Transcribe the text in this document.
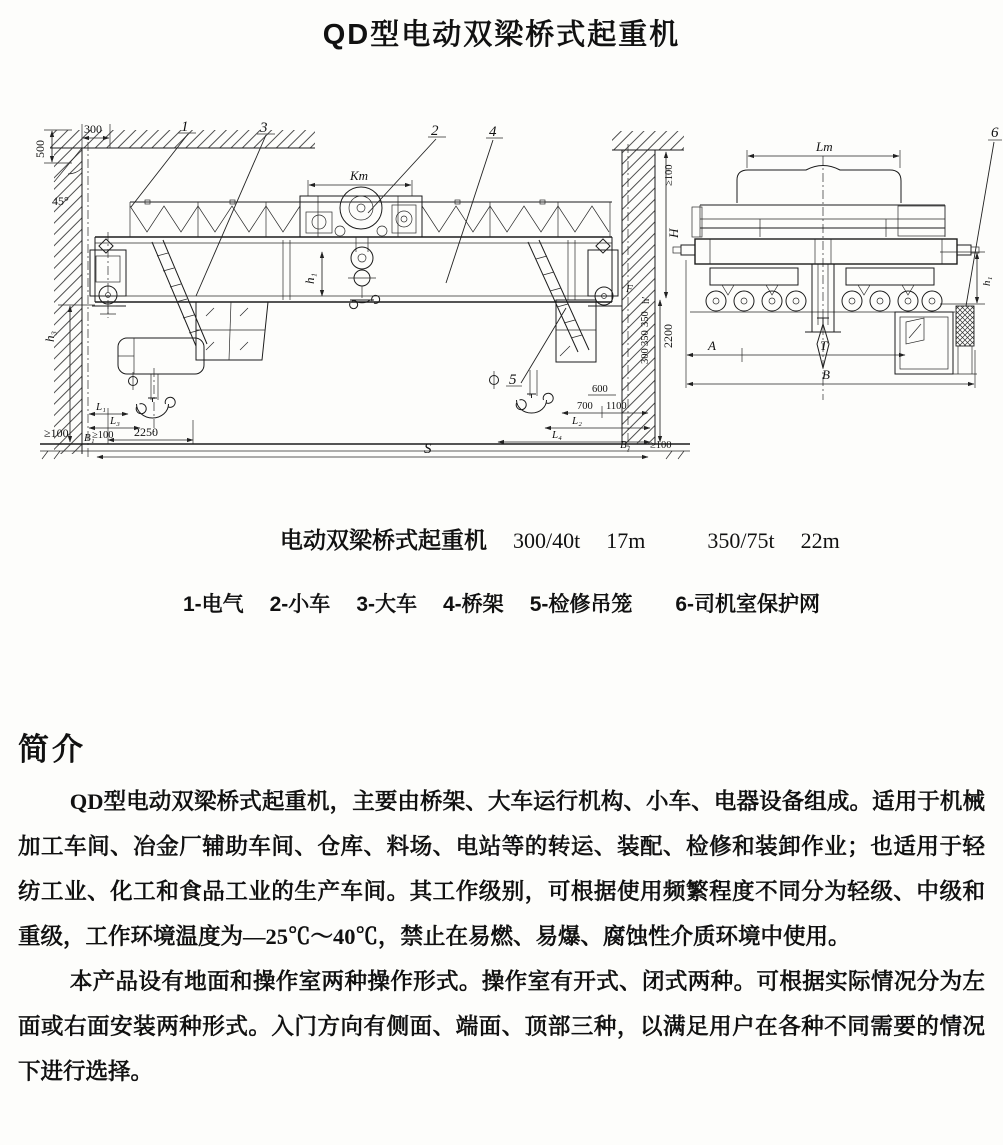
QD型电动双梁桥式起重机
500
300
45°
Kт
h₁
1	3	2	4
L₁
L₃
≥100 2250
≥100 B₁
h₃
S
5
≥100
H
F
h′
350
350
300
2200
600
700 1100
L₂
L₄
B₁ ≥100
Lт
6
h₁
A	T
B
电动双梁桥式起重机 300/40t 17m	350/75t 22m
1-电气 2-小车 3-大车 4-桥架 5-检修吊笼 6-司机室保护网
简介

QD型电动双梁桥式起重机，主要由桥架、大车运行机构、小车、电器设备组成。适用于机械加工车间、冶金厂辅助车间、仓库、料场、电站等的转运、装配、检修和装卸作业；也适用于轻纺工业、化工和食品工业的生产车间。其工作级别，可根据使用频繁程度不同分为轻级、中级和重级，工作环境温度为—25℃～40℃，禁止在易燃、易爆、腐蚀性介质环境中使用。

本产品设有地面和操作室两种操作形式。操作室有开式、闭式两种。可根据实际情况分为左面或右面安装两种形式。入门方向有侧面、端面、顶部三种，以满足用户在各种不同需要的情况下进行选择。
